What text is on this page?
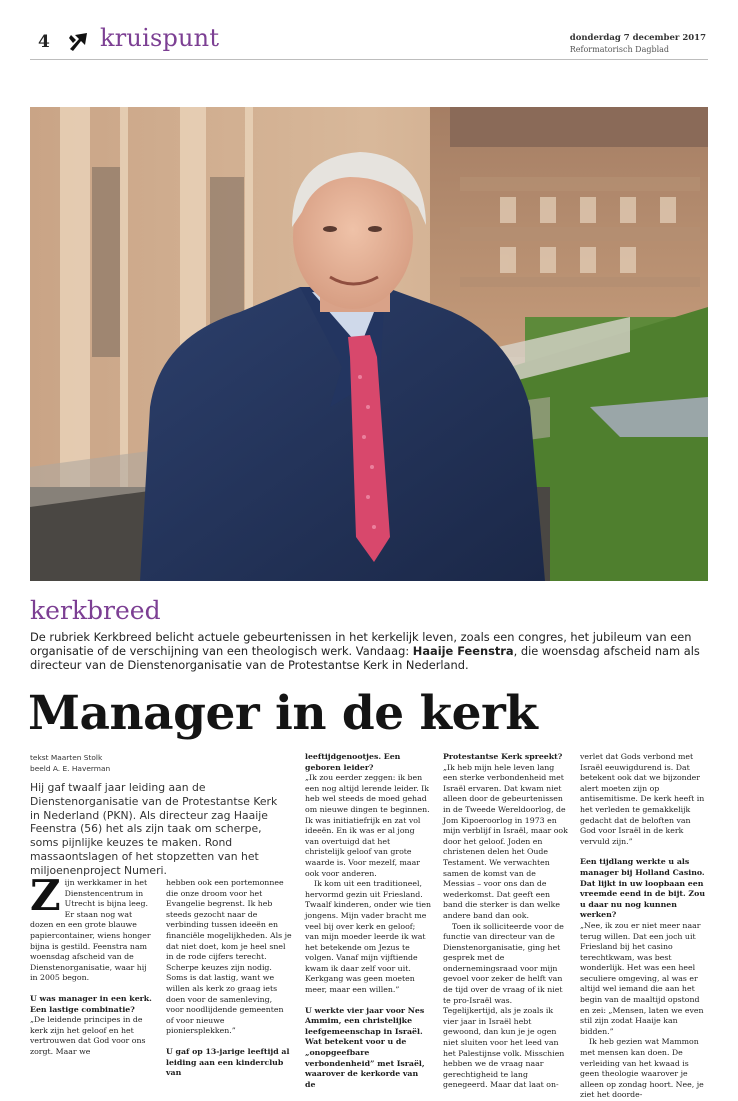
4 kruispunt	donderdag 7 december 2017
Reformatorisch Dagblad
kerkbreed

De rubriek Kerkbreed belicht actuele gebeurtenissen in het kerkelijk leven, zoals een congres, het jubileum van een organisatie of de verschijning van een theologisch werk. Vandaag: Haaije Feenstra, die woensdag afscheid nam als directeur van de Dienstenorganisatie van de Protestantse Kerk in Nederland.

Manager in de kerk
tekst Maarten Stolk
beeld A. E. Haverman

Hij gaf twaalf jaar leiding aan de Dienstenorganisatie van de Protestantse Kerk in Nederland (PKN). Als directeur zag Haaije Feenstra (56) het als zijn taak om scherpe, soms pijnlijke keuzes te maken. Rond massaontslagen of het stopzetten van het miljoenenproject Numeri.

Z ijn werkkamer in het Dienstencentrum in Utrecht is bijna leeg. Er staan nog wat dozen en een grote blauwe papiercontainer, wiens honger bijna is gestild. Feenstra nam woensdag afscheid van de Dienstenorganisatie, waar hij in 2005 begon.

U was manager in een kerk. Een lastige combinatie?

„De leidende principes in de kerk zijn het geloof en het vertrouwen dat God voor ons zorgt. Maar we

hebben ook een portemonnee die onze droom voor het Evangelie begrenst. Ik heb steeds gezocht naar de verbinding tussen ideeën en financiële mogelijkheden. Als je dat niet doet, kom je heel snel in de rode cijfers terecht. Scherpe keuzes zijn nodig. Soms is dat lastig, want we willen als kerk zo graag iets doen voor de samenleving, voor noodlijdende gemeenten of voor nieuwe pioniersplekken.”

U gaf op 13-jarige leeftijd al leiding aan een kinderclub van

leeftijdgenootjes. Een geboren leider?

„Ik zou eerder zeggen: ik ben een nog altijd lerende leider. Ik heb wel steeds de moed gehad om nieuwe dingen te beginnen. Ik was initiatiefrijk en zat vol ideeën. En ik was er al jong van overtuigd dat het christelijk geloof van grote waarde is. Voor mezelf, maar ook voor anderen.

Ik kom uit een traditioneel, hervormd gezin uit Friesland. Twaalf kinderen, onder wie tien jongens. Mijn vader bracht me veel bij over kerk en geloof; van mijn moeder leerde ik wat het betekende om Jezus te volgen. Vanaf mijn vijftiende kwam ik daar zelf voor uit. Kerkgang was geen moeten meer, maar een willen.”

U werkte vier jaar voor Nes Ammim, een christelijke leefgemeenschap in Israël. Wat betekent voor u de „onopgeefbare verbondenheid” met Israël, waarover de kerkorde van de

Protestantse Kerk spreekt?

„Ik heb mijn hele leven lang een sterke verbondenheid met Israël ervaren. Dat kwam niet alleen door de gebeurtenissen in de Tweede Wereldoorlog, de Jom Kipoeroorlog in 1973 en mijn verblijf in Israël, maar ook door het geloof. Joden en christenen delen het Oude Testament. We verwachten samen de komst van de Messias – voor ons dan de wederkomst. Dat geeft een band die sterker is dan welke andere band dan ook.

Toen ik solliciteerde voor de functie van directeur van de Dienstenorganisatie, ging het gesprek met de ondernemingsraad voor mijn gevoel voor zeker de helft van de tijd over de vraag of ik niet te pro-Israël was. Tegelijkertijd, als je zoals ik vier jaar in Israël hebt gewoond, dan kun je je ogen niet sluiten voor het leed van het Palestijnse volk. Misschien hebben we de vraag naar gerechtigheid te lang genegeerd. Maar dat laat on-

verlet dat Gods verbond met Israël eeuwigdurend is. Dat betekent ook dat we bijzonder alert moeten zijn op antisemitisme. De kerk heeft in het verleden te gemakkelijk gedacht dat de beloften van God voor Israël in de kerk vervuld zijn.”

Een tijdlang werkte u als manager bij Holland Casino. Dat lijkt in uw loopbaan een vreemde eend in de bijt. Zou u daar nu nog kunnen werken?

„Nee, ik zou er niet meer naar terug willen. Dat een joch uit Friesland bij het casino terechtkwam, was best wonderlijk. Het was een heel seculiere omgeving, al was er altijd wel iemand die aan het begin van de maaltijd opstond en zei: „Mensen, laten we even stil zijn zodat Haaije kan bidden.”

Ik heb gezien wat Mammon met mensen kan doen. De verleiding van het kwaad is geen theologie waarover je alleen op zondag hoort. Nee, je ziet het doorde-
